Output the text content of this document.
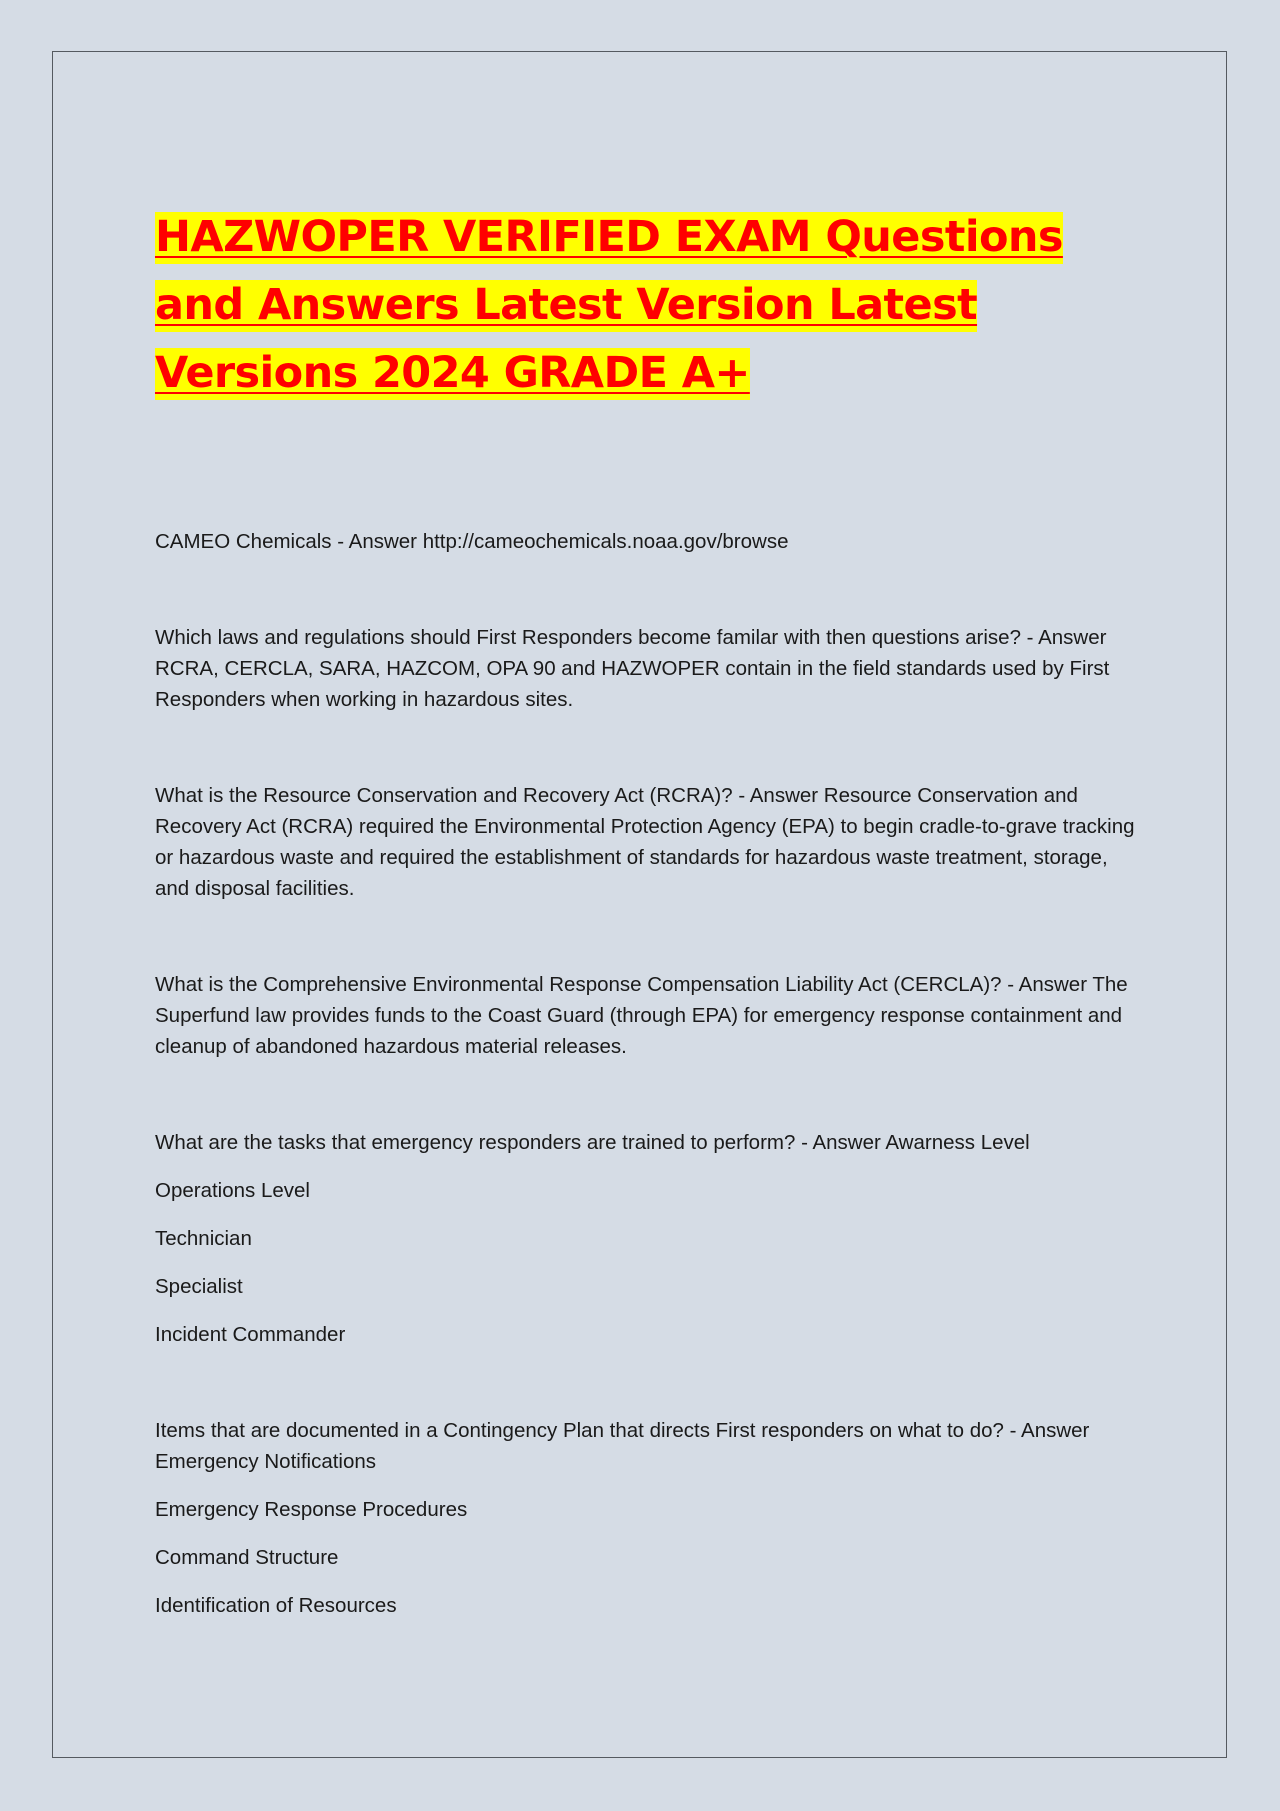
HAZWOPER VERIFIED EXAM Questions and Answers Latest Version Latest Versions 2024 GRADE A+

CAMEO Chemicals - Answer http://cameochemicals.noaa.gov/browse

Which laws and regulations should First Responders become familar with then questions arise? - Answer RCRA, CERCLA, SARA, HAZCOM, OPA 90 and HAZWOPER contain in the field standards used by First Responders when working in hazardous sites.

What is the Resource Conservation and Recovery Act (RCRA)? - Answer Resource Conservation and Recovery Act (RCRA) required the Environmental Protection Agency (EPA) to begin cradle-to-grave tracking or hazardous waste and required the establishment of standards for hazardous waste treatment, storage, and disposal facilities.

What is the Comprehensive Environmental Response Compensation Liability Act (CERCLA)? - Answer The Superfund law provides funds to the Coast Guard (through EPA) for emergency response containment and cleanup of abandoned hazardous material releases.

What are the tasks that emergency responders are trained to perform? - Answer Awarness Level

Operations Level

Technician

Specialist

Incident Commander

Items that are documented in a Contingency Plan that directs First responders on what to do? - Answer Emergency Notifications

Emergency Response Procedures

Command Structure

Identification of Resources
